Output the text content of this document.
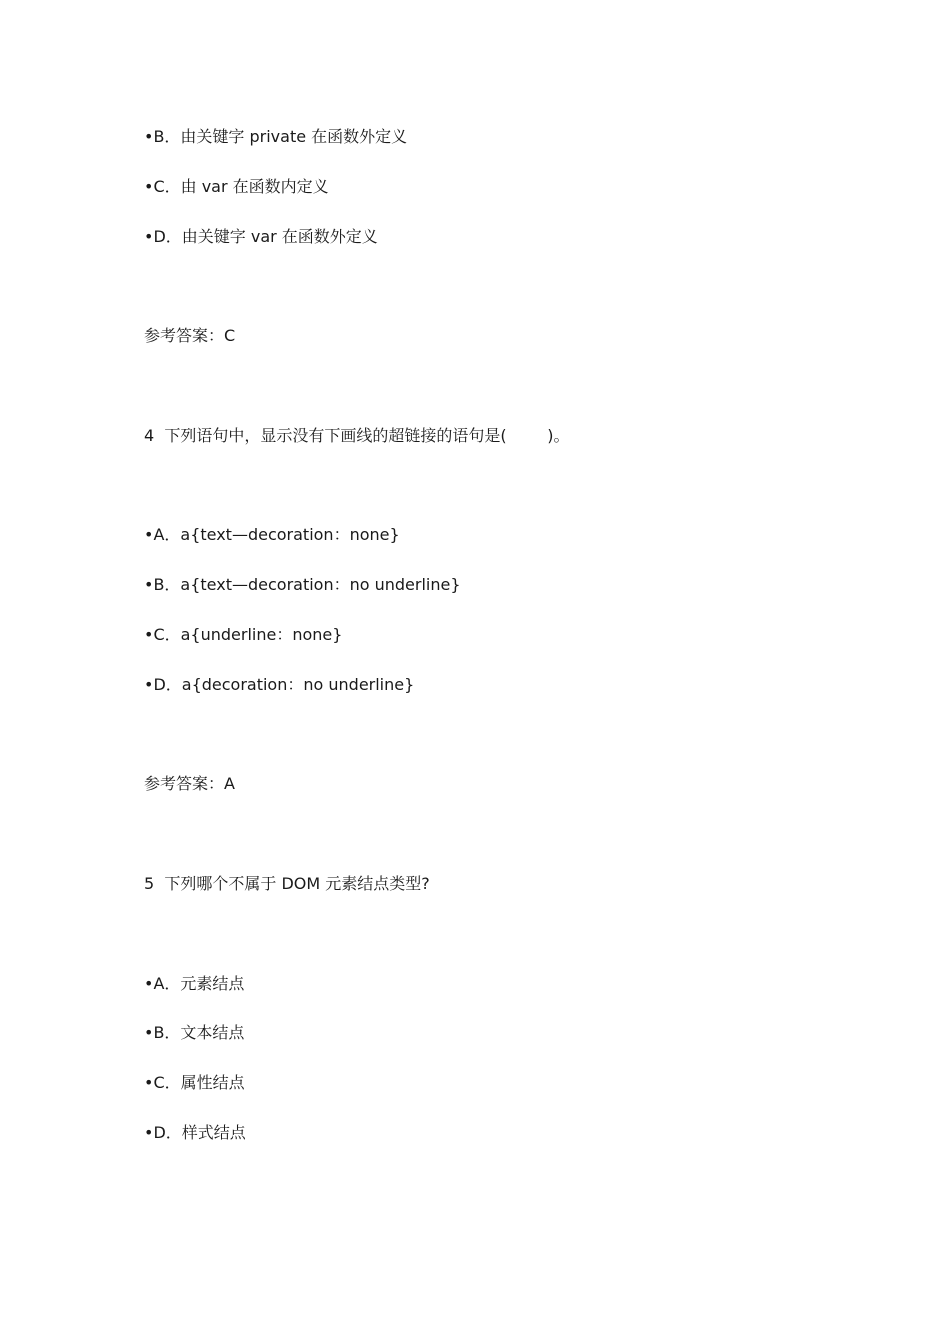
•B．由关键字 private 在函数外定义
•C．由 var 在函数内定义
•D．由关键字 var 在函数外定义
参考答案：C
4  下列语句中，显示没有下画线的超链接的语句是(        )。
•A．a{text—decoration：none}
•B．a{text—decoration：no underline}
•C．a{underline：none}
•D．a{decoration：no underline}
参考答案：A
5  下列哪个不属于 DOM 元素结点类型?
•A．元素结点
•B．文本结点
•C．属性结点
•D．样式结点
